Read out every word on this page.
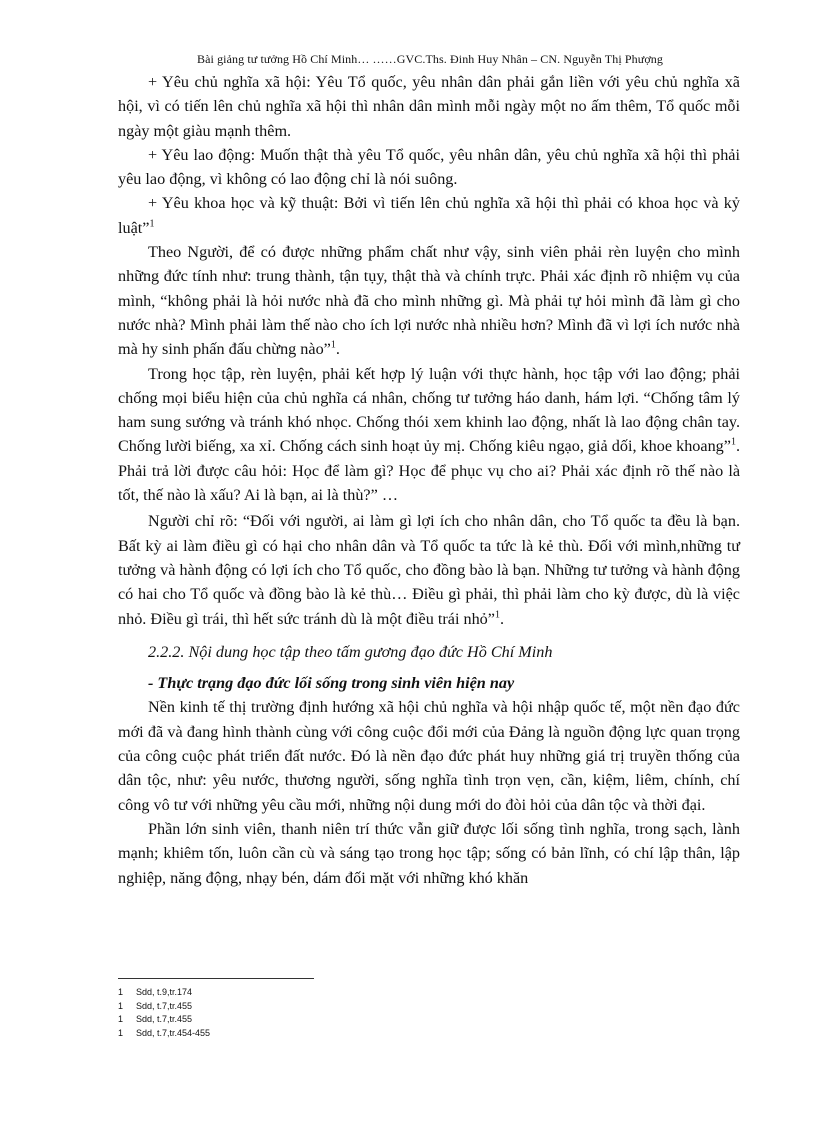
Bài giảng tư tưởng Hồ Chí Minh… ……GVC.Ths. Đinh Huy Nhân – CN. Nguyễn Thị Phượng

+ Yêu chủ nghĩa xã hội: Yêu Tổ quốc, yêu nhân dân phải gắn liền với yêu chủ nghĩa xã hội, vì có tiến lên chủ nghĩa xã hội thì nhân dân mình mỗi ngày một no ấm thêm, Tổ quốc mỗi ngày một giàu mạnh thêm.

+ Yêu lao động: Muốn thật thà yêu Tổ quốc, yêu nhân dân, yêu chủ nghĩa xã hội thì phải yêu lao động, vì không có lao động chỉ là nói suông.

+ Yêu khoa học và kỹ thuật: Bởi vì tiến lên chủ nghĩa xã hội thì phải có khoa học và kỷ luật”$^1$

Theo Người, để có được những phẩm chất như vậy, sinh viên phải rèn luyện cho mình những đức tính như: trung thành, tận tụy, thật thà và chính trực. Phải xác định rõ nhiệm vụ của mình, “không phải là hỏi nước nhà đã cho mình những gì. Mà phải tự hỏi mình đã làm gì cho nước nhà? Mình phải làm thế nào cho ích lợi nước nhà nhiều hơn? Mình đã vì lợi ích nước nhà mà hy sinh phấn đấu chừng nào”$^1$.

Trong học tập, rèn luyện, phải kết hợp lý luận với thực hành, học tập với lao động; phải chống mọi biểu hiện của chủ nghĩa cá nhân, chống tư tưởng háo danh, hám lợi. “Chống tâm lý ham sung sướng và tránh khó nhọc. Chống thói xem khinh lao động, nhất là lao động chân tay. Chống lười biếng, xa xỉ. Chống cách sinh hoạt ủy mị. Chống kiêu ngạo, giả dối, khoe khoang”$^1$. Phải trả lời được câu hỏi: Học để làm gì? Học để phục vụ cho ai? Phải xác định rõ thế nào là tốt, thế nào là xấu? Ai là bạn, ai là thù?” …

Người chỉ rõ: “Đối với người, ai làm gì lợi ích cho nhân dân, cho Tổ quốc ta đều là bạn. Bất kỳ ai làm điều gì có hại cho nhân dân và Tổ quốc ta tức là kẻ thù. Đối với mình,những tư tưởng và hành động có lợi ích cho Tổ quốc, cho đồng bào là bạn. Những tư tưởng và hành động có hai cho Tổ quốc và đồng bào là kẻ thù… Điều gì phải, thì phải làm cho kỳ được, dù là việc nhỏ. Điều gì trái, thì hết sức tránh dù là một điều trái nhỏ”$^1$.

2.2.2. Nội dung học tập theo tấm gương đạo đức Hồ Chí Minh
- Thực trạng đạo đức lối sống trong sinh viên hiện nay

Nền kinh tế thị trường định hướng xã hội chủ nghĩa và hội nhập quốc tế, một nền đạo đức mới đã và đang hình thành cùng với công cuộc đổi mới của Đảng là nguồn động lực quan trọng của công cuộc phát triển đất nước. Đó là nền đạo đức phát huy những giá trị truyền thống của dân tộc, như: yêu nước, thương người, sống nghĩa tình trọn vẹn, cần, kiệm, liêm, chính, chí công vô tư với những yêu cầu mới, những nội dung mới do đòi hỏi của dân tộc và thời đại.

Phần lớn sinh viên, thanh niên trí thức vẫn giữ được lối sống tình nghĩa, trong sạch, lành mạnh; khiêm tốn, luôn cần cù và sáng tạo trong học tập; sống có bản lĩnh, có chí lập thân, lập nghiệp, năng động, nhạy bén, dám đối mặt với những khó khăn

1	Sdd, t.9,tr.174
1	Sdd, t.7,tr.455
1	Sdd, t.7,tr.455
1	Sdd, t.7,tr.454-455
